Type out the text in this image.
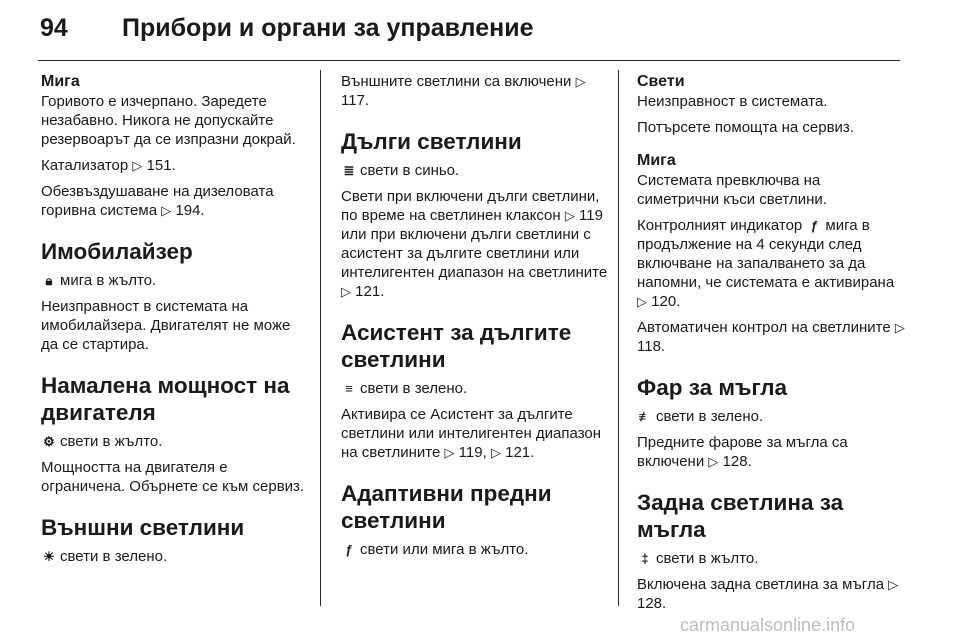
94 Прибори и органи за управление
Мига

Горивото е изчерпано. Заредете незабавно. Никога не допускайте резервоарът да се изпразни докрай.

Катализатор ▷ 151.

Обезвъздушаване на дизеловата горивна система ▷ 194.

Имобилайзер

🔒︎ мига в жълто.

Неизправност в системата на имобилайзера. Двигателят не може да се стартира.

Намалена мощност на двигателя

⚙︎ свети в жълто.

Мощността на двигателя е ограничена. Обърнете се към сервиз.

Външни светлини

☀︎ свети в зелено.

Външните светлини са включени ▷ 117.

Дълги светлини

≣ свети в синьо.

Свети при включени дълги светлини, по време на светлинен клаксон ▷ 119 или при включени дълги светлини с асистент за дългите светлини или интелигентен диапазон на светлините ▷ 121.

Асистент за дългите светлини

≡ свети в зелено.

Активира се Асистент за дългите светлини или интелигентен диапазон на светлините ▷ 119, ▷ 121.

Адаптивни предни светлини

ƒ свети или мига в жълто.

Свети

Неизправност в системата.

Потърсете помощта на сервиз.

Мига

Системата превключва на симетрични къси светлини.

Контролният индикатор ƒ мига в продължение на 4 секунди след включване на запалването за да напомни, че системата е активирана ▷ 120.

Автоматичен контрол на светлините ▷ 118.

Фар за мъгла

≢ свети в зелено.

Предните фарове за мъгла са включени ▷ 128.

Задна светлина за мъгла

‡ свети в жълто.

Включена задна светлина за мъгла ▷ 128.

carmanualsonline.info
